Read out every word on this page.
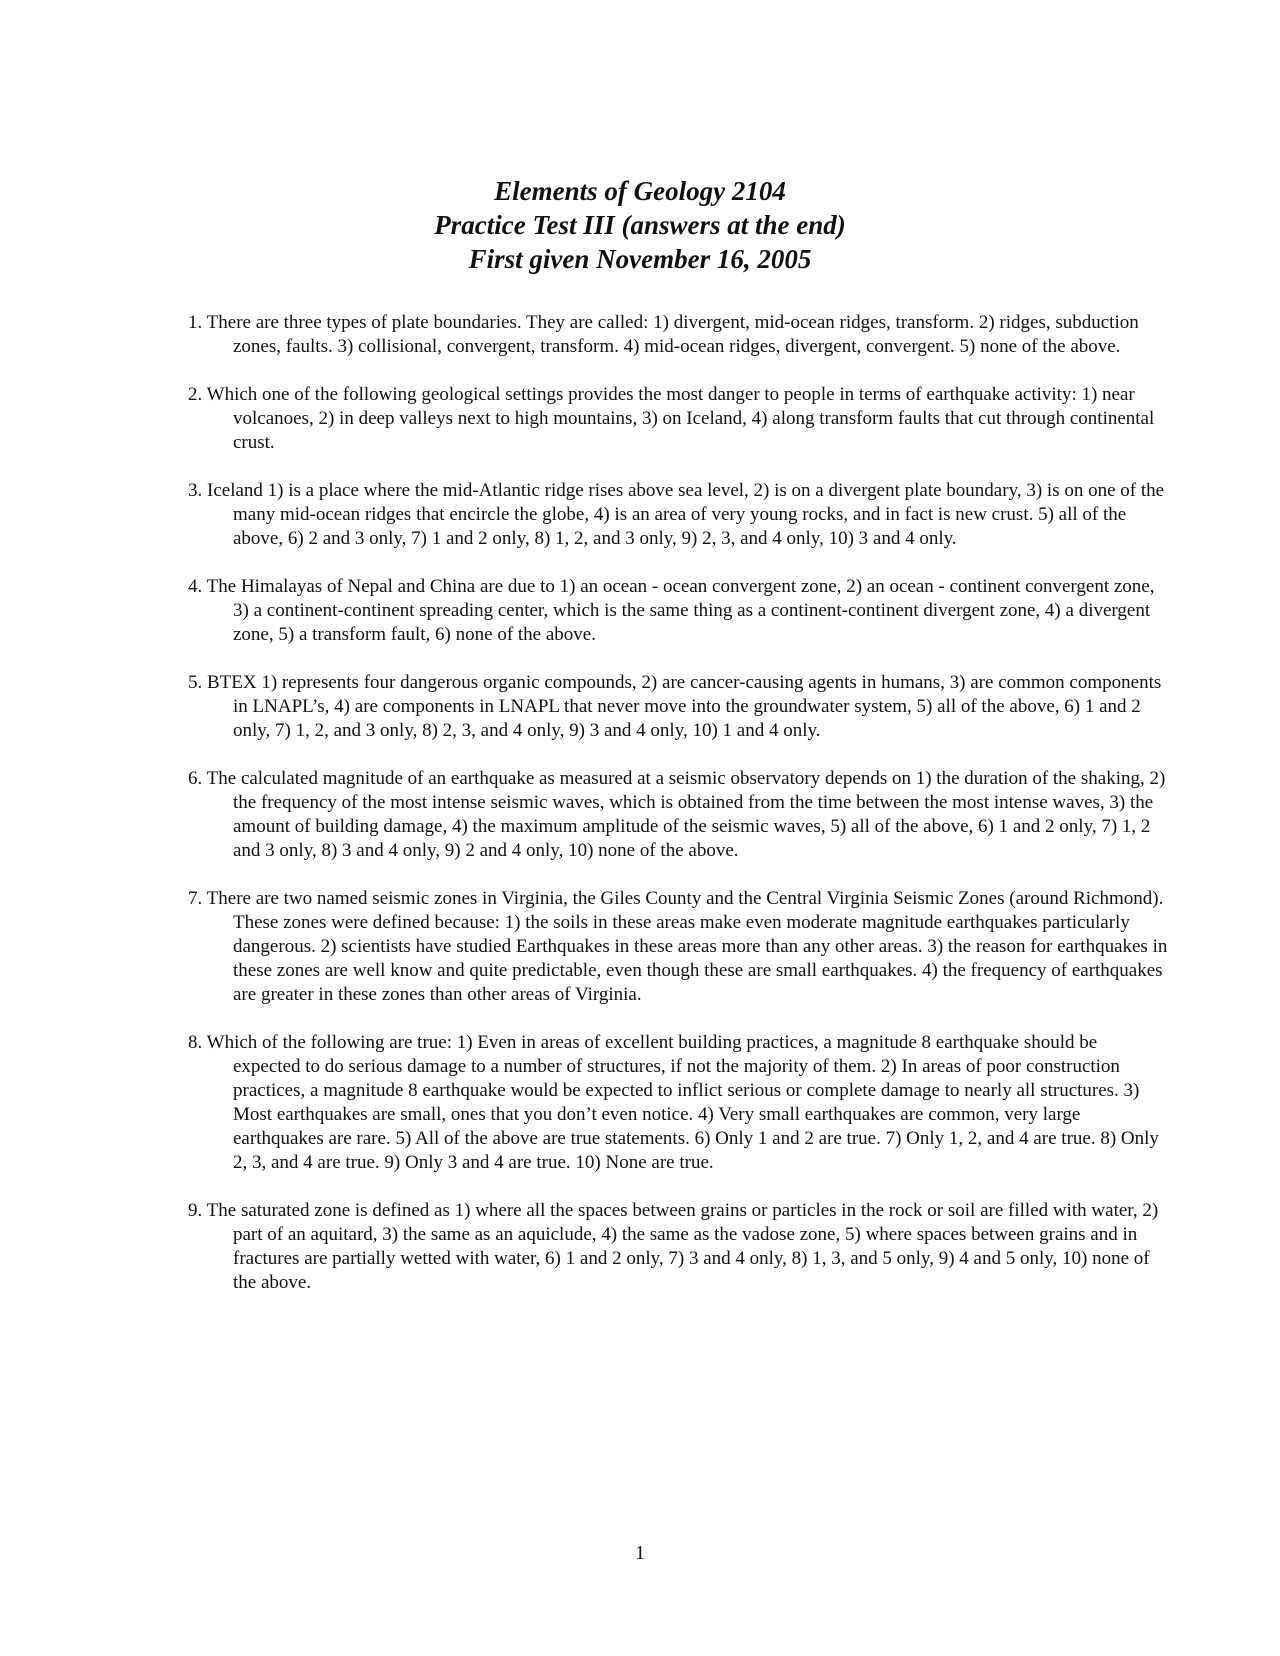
Elements of Geology 2104

Practice Test III (answers at the end)

First given November 16, 2005

1. There are three types of plate boundaries. They are called: 1) divergent, mid-ocean ridges, transform. 2) ridges, subduction zones, faults. 3) collisional, convergent, transform. 4) mid-ocean ridges, divergent, convergent. 5) none of the above.

2. Which one of the following geological settings provides the most danger to people in terms of earthquake activity: 1) near volcanoes, 2) in deep valleys next to high mountains, 3) on Iceland, 4) along transform faults that cut through continental crust.

3. Iceland 1) is a place where the mid-Atlantic ridge rises above sea level, 2) is on a divergent plate boundary, 3) is on one of the many mid-ocean ridges that encircle the globe, 4) is an area of very young rocks, and in fact is new crust. 5) all of the above, 6) 2 and 3 only, 7) 1 and 2 only, 8) 1, 2, and 3 only, 9) 2, 3, and 4 only, 10) 3 and 4 only.

4. The Himalayas of Nepal and China are due to 1) an ocean - ocean convergent zone, 2) an ocean - continent convergent zone, 3) a continent-continent spreading center, which is the same thing as a continent-continent divergent zone, 4) a divergent zone, 5) a transform fault, 6) none of the above.

5. BTEX 1) represents four dangerous organic compounds, 2) are cancer-causing agents in humans, 3) are common components in LNAPL’s, 4) are components in LNAPL that never move into the groundwater system, 5) all of the above, 6) 1 and 2 only, 7) 1, 2, and 3 only, 8) 2, 3, and 4 only, 9) 3 and 4 only, 10) 1 and 4 only.

6. The calculated magnitude of an earthquake as measured at a seismic observatory depends on 1) the duration of the shaking, 2) the frequency of the most intense seismic waves, which is obtained from the time between the most intense waves, 3) the amount of building damage, 4) the maximum amplitude of the seismic waves, 5) all of the above, 6) 1 and 2 only, 7) 1, 2 and 3 only, 8) 3 and 4 only, 9) 2 and 4 only, 10) none of the above.

7. There are two named seismic zones in Virginia, the Giles County and the Central Virginia Seismic Zones (around Richmond). These zones were defined because: 1) the soils in these areas make even moderate magnitude earthquakes particularly dangerous. 2) scientists have studied Earthquakes in these areas more than any other areas. 3) the reason for earthquakes in these zones are well know and quite predictable, even though these are small earthquakes. 4) the frequency of earthquakes are greater in these zones than other areas of Virginia.

8. Which of the following are true: 1) Even in areas of excellent building practices, a magnitude 8 earthquake should be expected to do serious damage to a number of structures, if not the majority of them. 2) In areas of poor construction practices, a magnitude 8 earthquake would be expected to inflict serious or complete damage to nearly all structures. 3) Most earthquakes are small, ones that you don’t even notice. 4) Very small earthquakes are common, very large earthquakes are rare. 5) All of the above are true statements. 6) Only 1 and 2 are true. 7) Only 1, 2, and 4 are true. 8) Only 2, 3, and 4 are true. 9) Only 3 and 4 are true. 10) None are true.

9. The saturated zone is defined as 1) where all the spaces between grains or particles in the rock or soil are filled with water, 2) part of an aquitard, 3) the same as an aquiclude, 4) the same as the vadose zone, 5) where spaces between grains and in fractures are partially wetted with water, 6) 1 and 2 only, 7) 3 and 4 only, 8) 1, 3, and 5 only, 9) 4 and 5 only, 10) none of the above.

1
